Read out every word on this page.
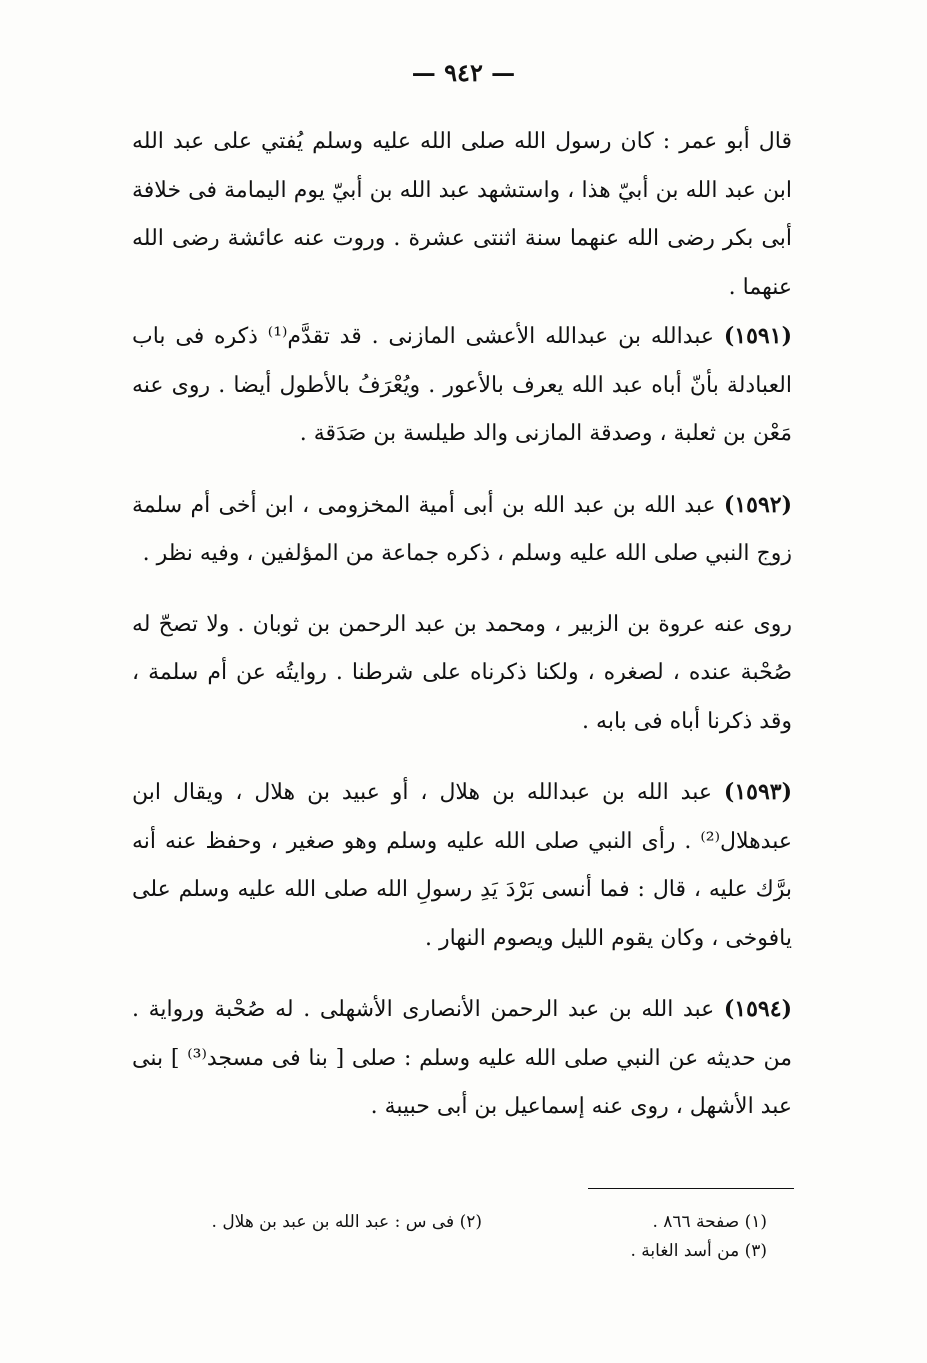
— ٩٤٢ —

قال أبو عمر : كان رسول الله صلى الله عليه وسلم يُفتي على عبد الله ابن عبد الله بن أبيّ هذا ، واستشهد عبد الله بن أبيّ يوم اليمامة فى خلافة أبى بكر رضى الله عنهما سنة اثنتى عشرة . وروت عنه عائشة رضى الله عنهما .

(١٥٩١) عبدالله بن عبدالله الأعشى المازنى . قد تقدَّم⁽¹⁾ ذكره فى باب العبادلة بأنّ أباه عبد الله يعرف بالأعور . ويُعْرَفُ بالأطول أيضا . روى عنه مَعْن بن ثعلبة ، وصدقة المازنى والد طيلسة بن صَدَقة .

(١٥٩٢) عبد الله بن عبد الله بن أبى أمية المخزومى ، ابن أخى أم سلمة زوج النبي صلى الله عليه وسلم ، ذكره جماعة من المؤلفين ، وفيه نظر .

روى عنه عروة بن الزبير ، ومحمد بن عبد الرحمن بن ثوبان . ولا تصحّ له صُحْبة عنده ، لصغره ، ولكنا ذكرناه على شرطنا . روايتُه عن أم سلمة ، وقد ذكرنا أباه فى بابه .

(١٥٩٣) عبد الله بن عبدالله بن هلال ، أو عبيد بن هلال ، ويقال ابن عبدهلال⁽²⁾ . رأى النبي صلى الله عليه وسلم وهو صغير ، وحفظ عنه أنه برَّك عليه ، قال : فما أنسى بَرْدَ يَدِ رسولِ الله صلى الله عليه وسلم على يافوخى ، وكان يقوم الليل ويصوم النهار .

(١٥٩٤) عبد الله بن عبد الرحمن الأنصارى الأشهلى . له صُحْبة ورواية . من حديثه عن النبي صلى الله عليه وسلم : صلى [ بنا فى مسجد⁽³⁾ ] بنى عبد الأشهل ، روى عنه إسماعيل بن أبى حبيبة .

(١) صفحة ٨٦٦ .
(٣) من أسد الغابة .
(٢) فى س : عبد الله بن عبد بن هلال .
